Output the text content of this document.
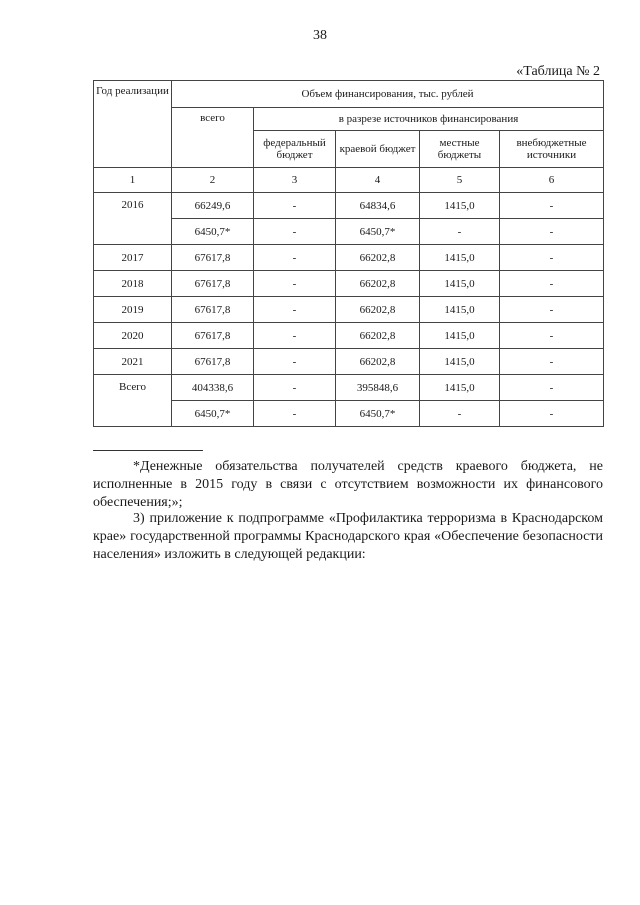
38
«Таблица № 2
Год реализации	Объем финансирования, тыс. рублей				
	всего	в разрезе источников финансирования			
		федеральный бюджет	краевой бюджет	местные бюджеты	внебюджетные источники
1	2	3	4	5	6
2016	66249,6	-	64834,6	1415,0	-
	6450,7*	-	6450,7*	-	-
2017	67617,8	-	66202,8	1415,0	-
2018	67617,8	-	66202,8	1415,0	-
2019	67617,8	-	66202,8	1415,0	-
2020	67617,8	-	66202,8	1415,0	-
2021	67617,8	-	66202,8	1415,0	-
Всего	404338,6	-	395848,6	1415,0	-
	6450,7*	-	6450,7*	-	-
*Денежные обязательства получателей средств краевого бюджета, не исполненные в 2015 году в связи с отсутствием возможности их финансового обеспечения;»;
3) приложение к подпрограмме «Профилактика терроризма в Краснодарском крае» государственной программы Краснодарского края «Обеспечение безопасности населения» изложить в следующей редакции:
